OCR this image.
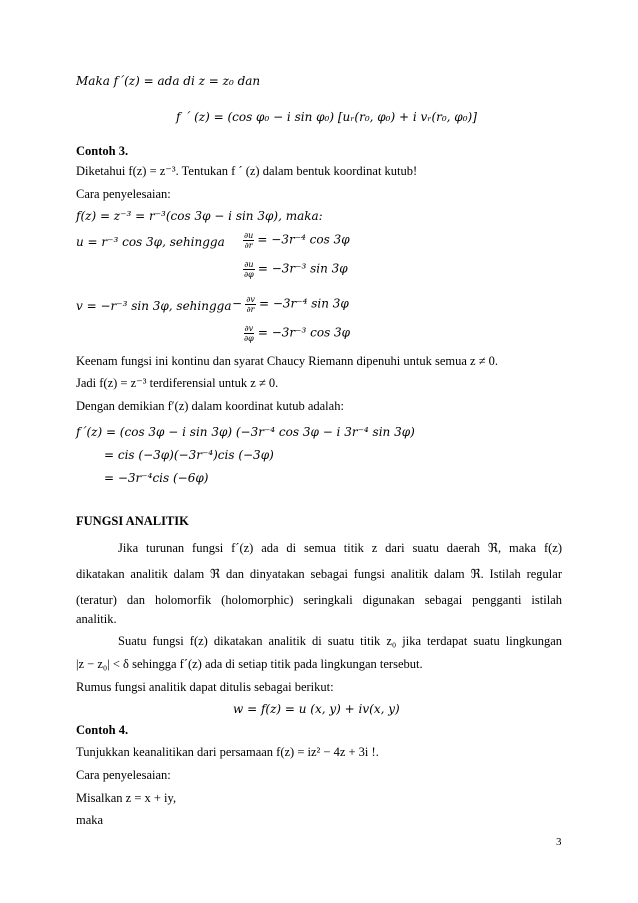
Maka f´(z) = ada di z = z₀ dan
f ´ (z) = (cos φ₀ − i sin φ₀) [uᵣ(r₀, φ₀) + i vᵣ(r₀, φ₀)]
Contoh 3.
Diketahui f(z) = z⁻³. Tentukan f ´ (z) dalam bentuk koordinat kutub!
Cara penyelesaian:
f(z) = z⁻³ = r⁻³(cos 3φ − i sin 3φ), maka:
u = r⁻³ cos 3φ, sehingga $\frac{\partial u}{\partial r} = -3r^{-4}$ cos 3φ
$\frac{\partial u}{\partial\varphi} = -3r^{-3}$ sin 3φ
v = −r⁻³ sin 3φ, sehingga − $\frac{\partial v}{\partial r} = -3r^{-4}$ sin 3φ
$\frac{\partial v}{\partial\varphi} = -3r^{-3}$ cos 3φ
Keenam fungsi ini kontinu dan syarat Chaucy Riemann dipenuhi untuk semua z ≠ 0.
Jadi f(z) = z⁻³ terdiferensial untuk z ≠ 0.
Dengan demikian f′(z) dalam koordinat kutub adalah:
f´(z) = (cos 3φ − i sin 3φ) (−3r⁻⁴ cos 3φ − i 3r⁻⁴ sin 3φ)
= cis (−3φ)(−3r⁻⁴)cis (−3φ)
= −3r⁻⁴cis (−6φ)
FUNGSI ANALITIK
Jika turunan fungsi f´(z) ada di semua titik z dari suatu daerah ℜ, maka f(z)
dikatakan analitik dalam ℜ dan dinyatakan sebagai fungsi analitik dalam ℜ. Istilah regular
(teratur) dan holomorfik (holomorphic) seringkali digunakan sebagai pengganti istilah
analitik.
Suatu fungsi f(z) dikatakan analitik di suatu titik z₀ jika terdapat suatu lingkungan
|z − z₀| < δ sehingga f´(z) ada di setiap titik pada lingkungan tersebut.
Rumus fungsi analitik dapat ditulis sebagai berikut:
w = f(z) = u (x, y) + iv(x, y)
Contoh 4.
Tunjukkan keanalitikan dari persamaan f(z) = iz² − 4z + 3i !.
Cara penyelesaian:
Misalkan z = x + iy,
maka
3
